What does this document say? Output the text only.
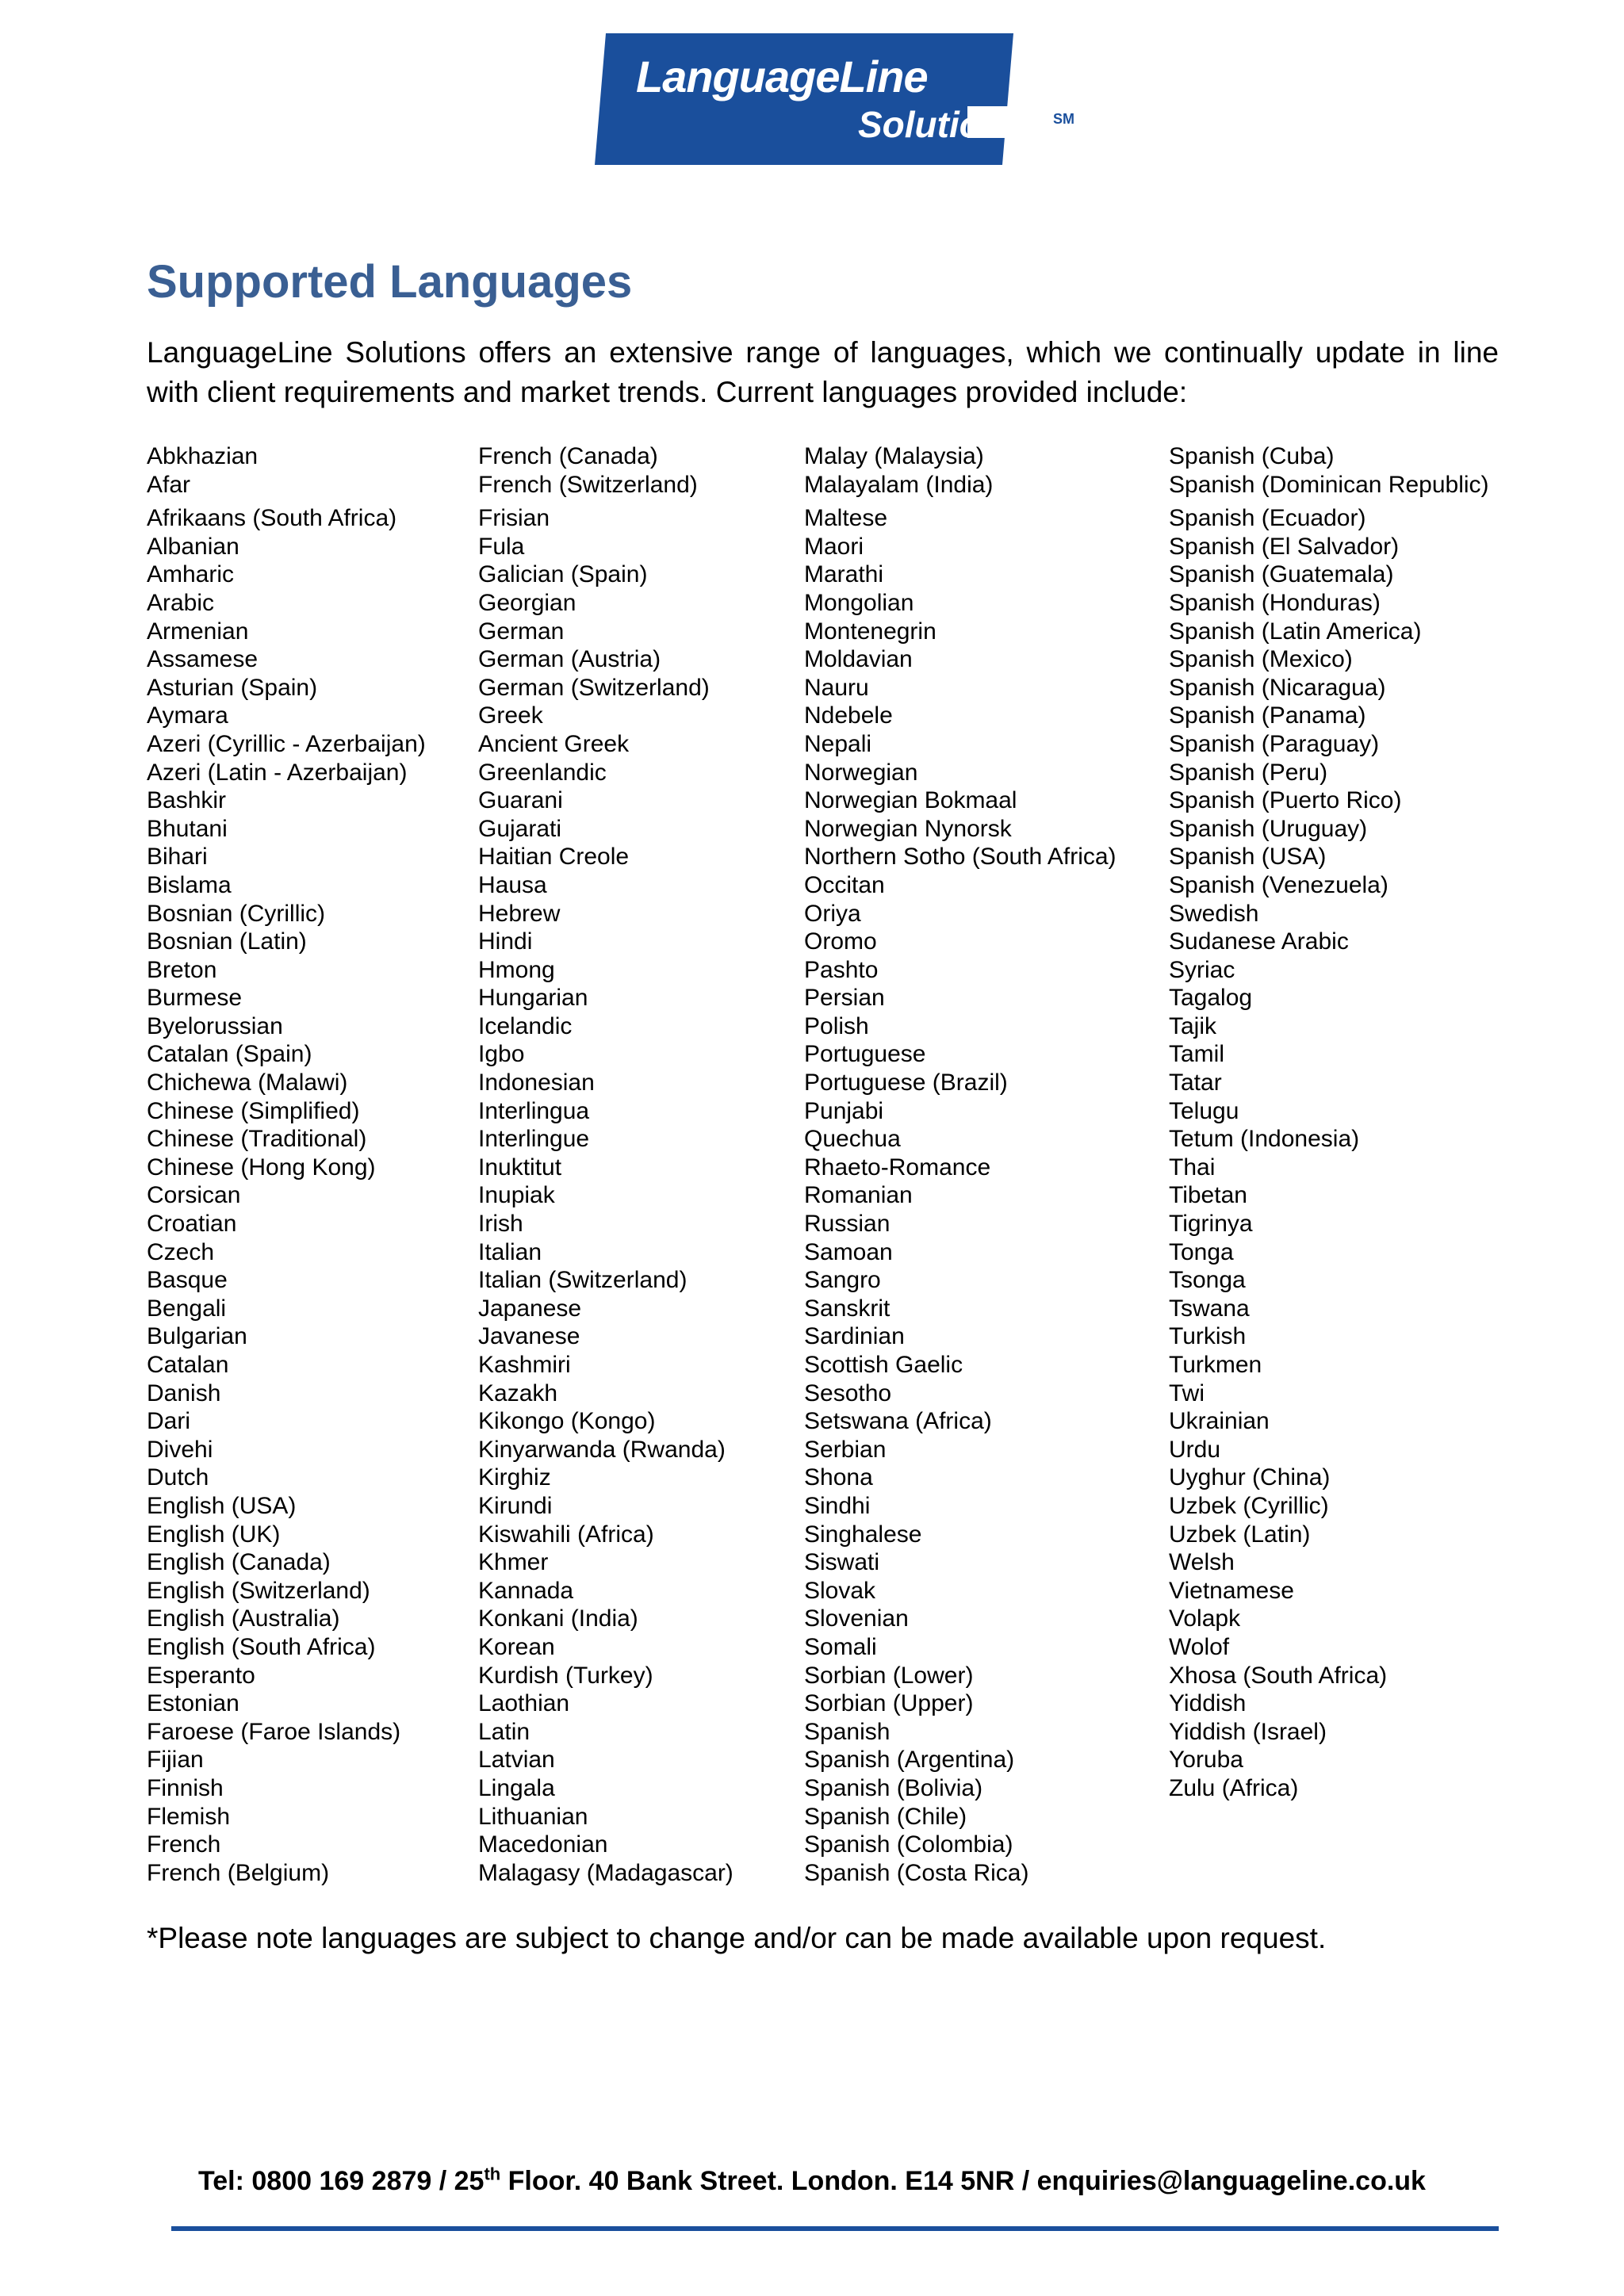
LanguageLine
Solutions SM
Supported Languages

LanguageLine Solutions offers an extensive range of languages, which we continually update in line with client requirements and market trends. Current languages provided include:

Abkhazian
Afar
Afrikaans (South Africa)
Albanian
Amharic
Arabic
Armenian
Assamese
Asturian (Spain)
Aymara
Azeri (Cyrillic - Azerbaijan)
Azeri (Latin - Azerbaijan)
Bashkir
Bhutani
Bihari
Bislama
Bosnian (Cyrillic)
Bosnian (Latin)
Breton
Burmese
Byelorussian
Catalan (Spain)
Chichewa (Malawi)
Chinese (Simplified)
Chinese (Traditional)
Chinese (Hong Kong)
Corsican
Croatian
Czech
Basque
Bengali
Bulgarian
Catalan
Danish
Dari
Divehi
Dutch
English (USA)
English (UK)
English (Canada)
English (Switzerland)
English (Australia)
English (South Africa)
Esperanto
Estonian
Faroese (Faroe Islands)
Fijian
Finnish
Flemish
French
French (Belgium)
French (Canada)
French (Switzerland)
Frisian
Fula
Galician (Spain)
Georgian
German
German (Austria)
German (Switzerland)
Greek
Ancient Greek
Greenlandic
Guarani
Gujarati
Haitian Creole
Hausa
Hebrew
Hindi
Hmong
Hungarian
Icelandic
Igbo
Indonesian
Interlingua
Interlingue
Inuktitut
Inupiak
Irish
Italian
Italian (Switzerland)
Japanese
Javanese
Kashmiri
Kazakh
Kikongo (Kongo)
Kinyarwanda (Rwanda)
Kirghiz
Kirundi
Kiswahili (Africa)
Khmer
Kannada
Konkani (India)
Korean
Kurdish (Turkey)
Laothian
Latin
Latvian
Lingala
Lithuanian
Macedonian
Malagasy (Madagascar)
Malay (Malaysia)
Malayalam (India)
Maltese
Maori
Marathi
Mongolian
Montenegrin
Moldavian
Nauru
Ndebele
Nepali
Norwegian
Norwegian Bokmaal
Norwegian Nynorsk
Northern Sotho (South Africa)
Occitan
Oriya
Oromo
Pashto
Persian
Polish
Portuguese
Portuguese (Brazil)
Punjabi
Quechua
Rhaeto-Romance
Romanian
Russian
Samoan
Sangro
Sanskrit
Sardinian
Scottish Gaelic
Sesotho
Setswana (Africa)
Serbian
Shona
Sindhi
Singhalese
Siswati
Slovak
Slovenian
Somali
Sorbian (Lower)
Sorbian (Upper)
Spanish
Spanish (Argentina)
Spanish (Bolivia)
Spanish (Chile)
Spanish (Colombia)
Spanish (Costa Rica)
Spanish (Cuba)
Spanish (Dominican Republic)
Spanish (Ecuador)
Spanish (El Salvador)
Spanish (Guatemala)
Spanish (Honduras)
Spanish (Latin America)
Spanish (Mexico)
Spanish (Nicaragua)
Spanish (Panama)
Spanish (Paraguay)
Spanish (Peru)
Spanish (Puerto Rico)
Spanish (Uruguay)
Spanish (USA)
Spanish (Venezuela)
Swedish
Sudanese Arabic
Syriac
Tagalog
Tajik
Tamil
Tatar
Telugu
Tetum (Indonesia)
Thai
Tibetan
Tigrinya
Tonga
Tsonga
Tswana
Turkish
Turkmen
Twi
Ukrainian
Urdu
Uyghur (China)
Uzbek (Cyrillic)
Uzbek (Latin)
Welsh
Vietnamese
Volapk
Wolof
Xhosa (South Africa)
Yiddish
Yiddish (Israel)
Yoruba
Zulu (Africa)

*Please note languages are subject to change and/or can be made available upon request.

Tel: 0800 169 2879 / 25th Floor. 40 Bank Street. London. E14 5NR / enquiries@languageline.co.uk
